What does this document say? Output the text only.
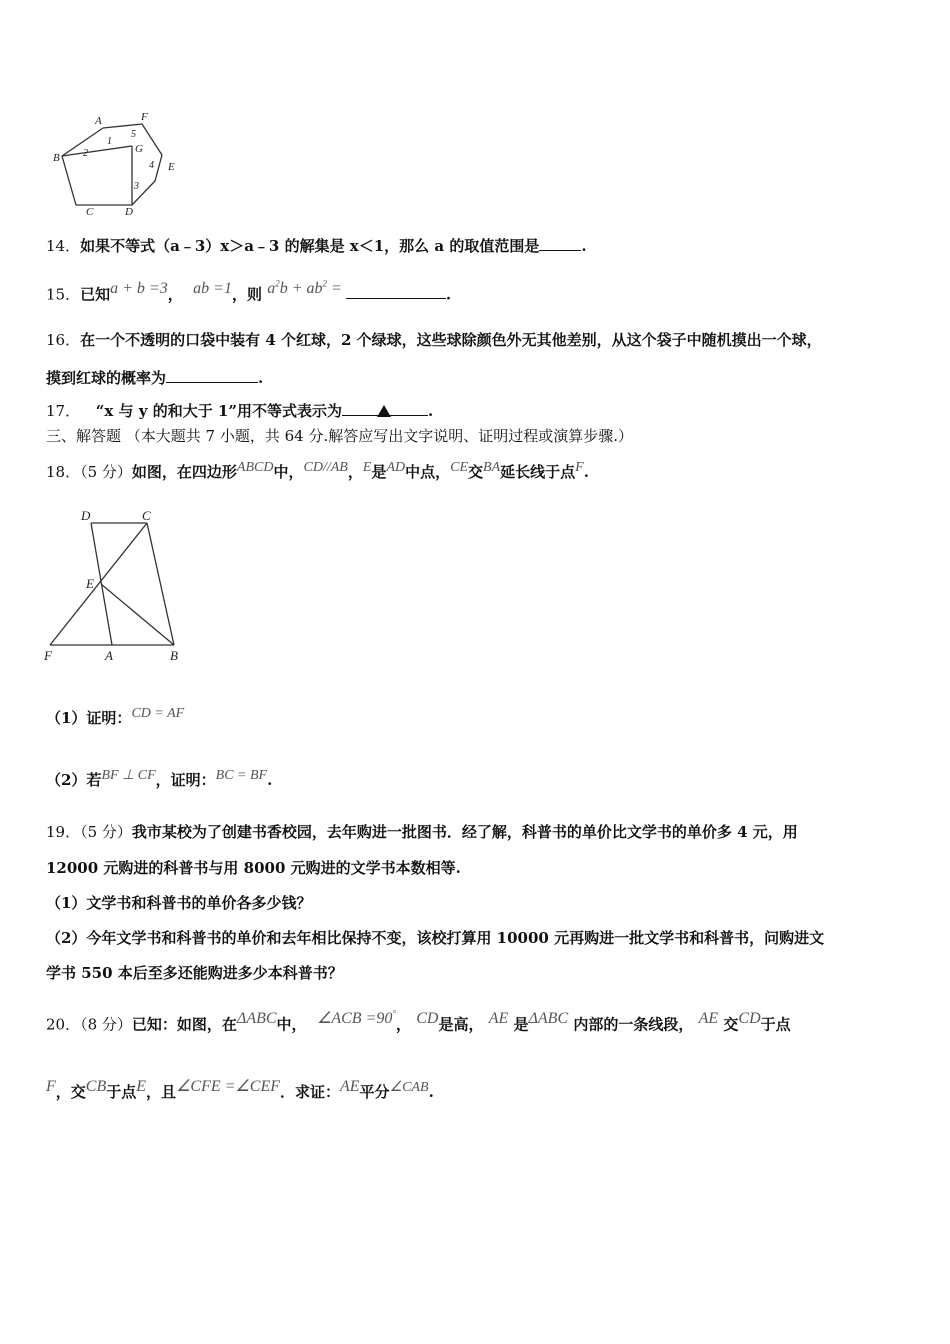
A	F
B
G
E
C	D
1
2
3
4
5
14．如果不等式（a﹣3）x＞a﹣3 的解集是 x＜1，那么 a 的取值范围是	.
15．已知a + b =3， ab =1，则 $a^2b + ab^2$ =	.
16．在一个不透明的口袋中装有 4 个红球，2 个绿球，这些球除颜色外无其他差别，从这个袋子中随机摸出一个球，
摸到红球的概率为	.
17． “x 与 y 的和大于 1”用不等式表示为	.
三、解答题 （本大题共 7 小题，共 64 分.解答应写出文字说明、证明过程或演算步骤.）
18．（5 分）如图，在四边形ABCD中，CD//AB，E是AD中点，CE交BA延长线于点F.
D	C
E
F	A	B
（1）证明：CD = AF
（2）若BF ⊥ CF，证明：BC = BF.
19．（5 分）我市某校为了创建书香校园，去年购进一批图书．经了解，科普书的单价比文学书的单价多 4 元，用
12000 元购进的科普书与用 8000 元购进的文学书本数相等.
（1）文学书和科普书的单价各多少钱？
（2）今年文学书和科普书的单价和去年相比保持不变，该校打算用 10000 元再购进一批文学书和科普书，问购进文
学书 550 本后至多还能购进多少本科普书？
20．（8 分）已知：如图，在ΔABC中， ∠ACB =90°， CD是高， AE 是ΔABC 内部的一条线段， AE 交CD于点
F，交CB于点E，且∠CFE =∠CEF．求证：AE平分∠CAB.
